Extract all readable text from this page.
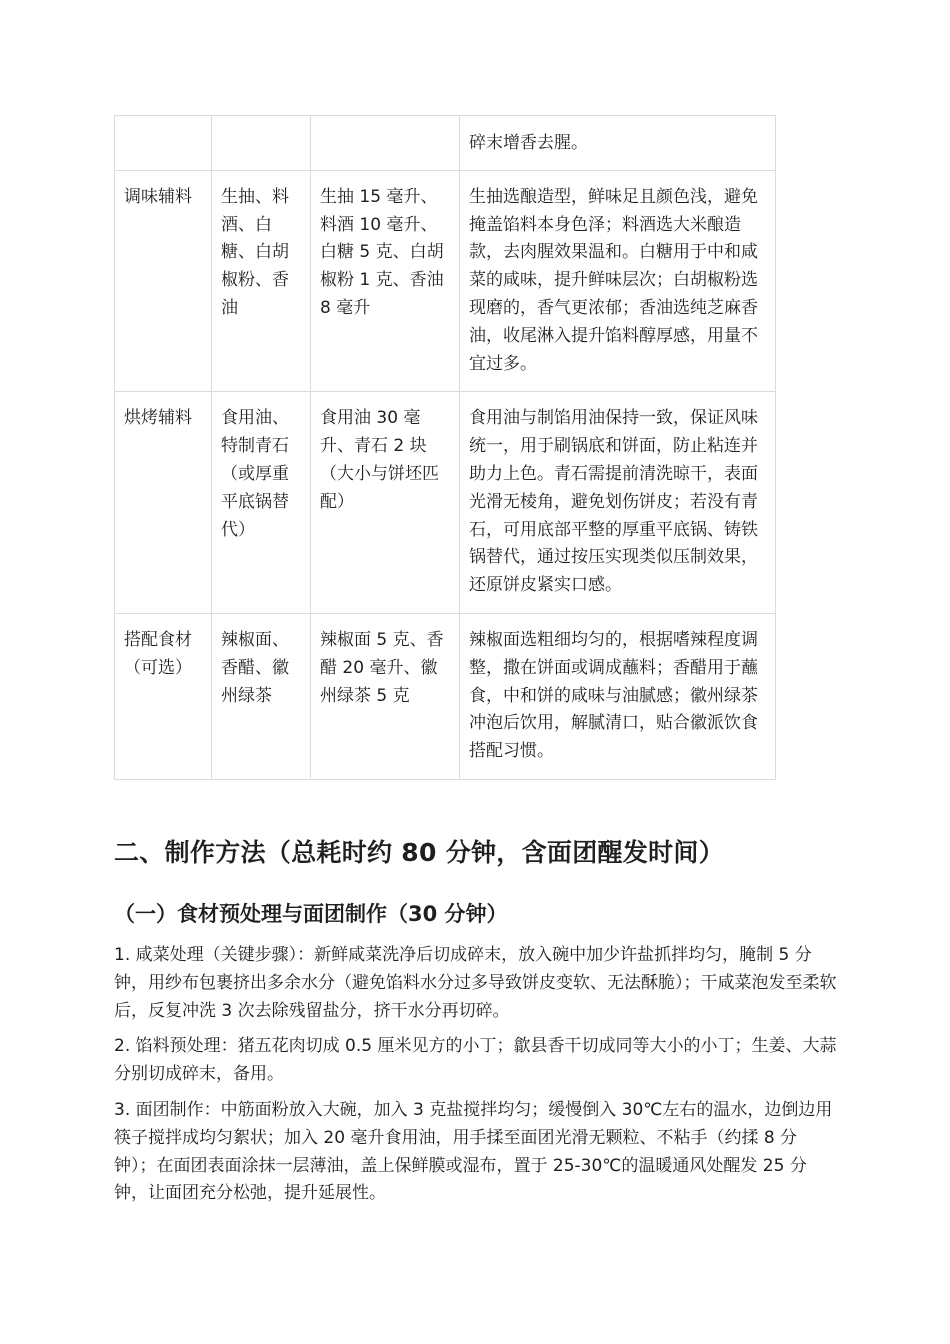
			碎末增香去腥。
调味辅料	生抽、料酒、白糖、白胡椒粉、香油	生抽 15 毫升、料酒 10 毫升、白糖 5 克、白胡椒粉 1 克、香油 8 毫升	生抽选酿造型，鲜味足且颜色浅，避免掩盖馅料本身色泽；料酒选大米酿造款，去肉腥效果温和。白糖用于中和咸菜的咸味，提升鲜味层次；白胡椒粉选现磨的，香气更浓郁；香油选纯芝麻香油，收尾淋入提升馅料醇厚感，用量不宜过多。
烘烤辅料	食用油、特制青石（或厚重平底锅替代）	食用油 30 毫升、青石 2 块（大小与饼坯匹配）	食用油与制馅用油保持一致，保证风味统一，用于刷锅底和饼面，防止粘连并助力上色。青石需提前清洗晾干，表面光滑无棱角，避免划伤饼皮；若没有青石，可用底部平整的厚重平底锅、铸铁锅替代，通过按压实现类似压制效果，还原饼皮紧实口感。
搭配食材（可选）	辣椒面、香醋、徽州绿茶	辣椒面 5 克、香醋 20 毫升、徽州绿茶 5 克	辣椒面选粗细均匀的，根据嗜辣程度调整，撒在饼面或调成蘸料；香醋用于蘸食，中和饼的咸味与油腻感；徽州绿茶冲泡后饮用，解腻清口，贴合徽派饮食搭配习惯。
二、制作方法（总耗时约 80 分钟，含面团醒发时间）
（一）食材预处理与面团制作（30 分钟）

1. 咸菜处理（关键步骤）：新鲜咸菜洗净后切成碎末，放入碗中加少许盐抓拌均匀，腌制 5 分钟，用纱布包裹挤出多余水分（避免馅料水分过多导致饼皮变软、无法酥脆）；干咸菜泡发至柔软后，反复冲洗 3 次去除残留盐分，挤干水分再切碎。

2. 馅料预处理：猪五花肉切成 0.5 厘米见方的小丁；歙县香干切成同等大小的小丁；生姜、大蒜分别切成碎末，备用。

3. 面团制作：中筋面粉放入大碗，加入 3 克盐搅拌均匀；缓慢倒入 30℃左右的温水，边倒边用筷子搅拌成均匀絮状；加入 20 毫升食用油，用手揉至面团光滑无颗粒、不粘手（约揉 8 分钟）；在面团表面涂抹一层薄油，盖上保鲜膜或湿布，置于 25-30℃的温暖通风处醒发 25 分钟，让面团充分松弛，提升延展性。
